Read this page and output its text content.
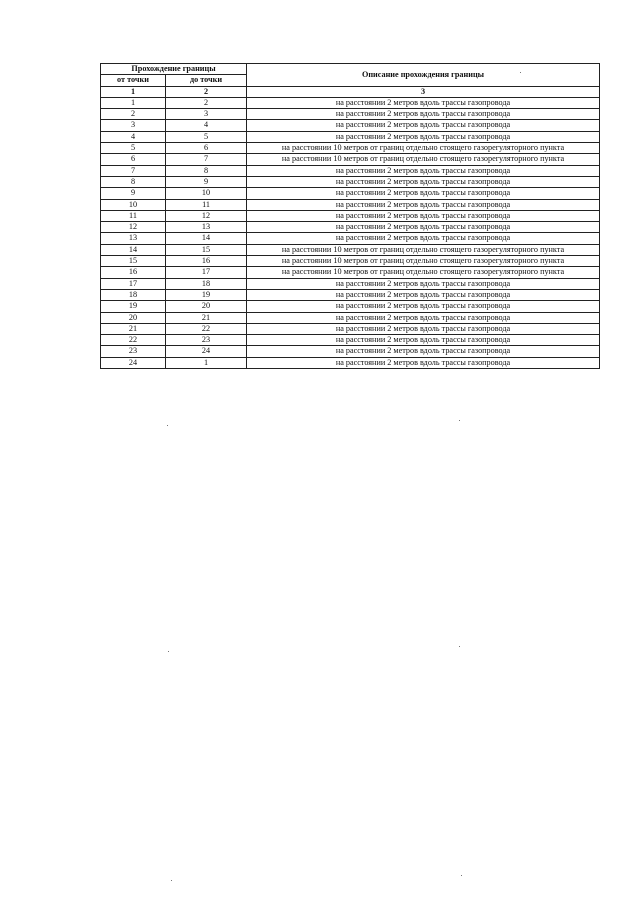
Прохождение границы		Описание прохождения границы
от точки	до точки	
1	2	3
1	2	на расстоянии 2 метров вдоль трассы газопровода
2	3	на расстоянии 2 метров вдоль трассы газопровода
3	4	на расстоянии 2 метров вдоль трассы газопровода
4	5	на расстоянии 2 метров вдоль трассы газопровода
5	6	на расстоянии 10 метров от границ отдельно стоящего газорегуляторного пункта
6	7	на расстоянии 10 метров от границ отдельно стоящего газорегуляторного пункта
7	8	на расстоянии 2 метров вдоль трассы газопровода
8	9	на расстоянии 2 метров вдоль трассы газопровода
9	10	на расстоянии 2 метров вдоль трассы газопровода
10	11	на расстоянии 2 метров вдоль трассы газопровода
11	12	на расстоянии 2 метров вдоль трассы газопровода
12	13	на расстоянии 2 метров вдоль трассы газопровода
13	14	на расстоянии 2 метров вдоль трассы газопровода
14	15	на расстоянии 10 метров от границ отдельно стоящего газорегуляторного пункта
15	16	на расстоянии 10 метров от границ отдельно стоящего газорегуляторного пункта
16	17	на расстоянии 10 метров от границ отдельно стоящего газорегуляторного пункта
17	18	на расстоянии 2 метров вдоль трассы газопровода
18	19	на расстоянии 2 метров вдоль трассы газопровода
19	20	на расстоянии 2 метров вдоль трассы газопровода
20	21	на расстоянии 2 метров вдоль трассы газопровода
21	22	на расстоянии 2 метров вдоль трассы газопровода
22	23	на расстоянии 2 метров вдоль трассы газопровода
23	24	на расстоянии 2 метров вдоль трассы газопровода
24	1	на расстоянии 2 метров вдоль трассы газопровода
